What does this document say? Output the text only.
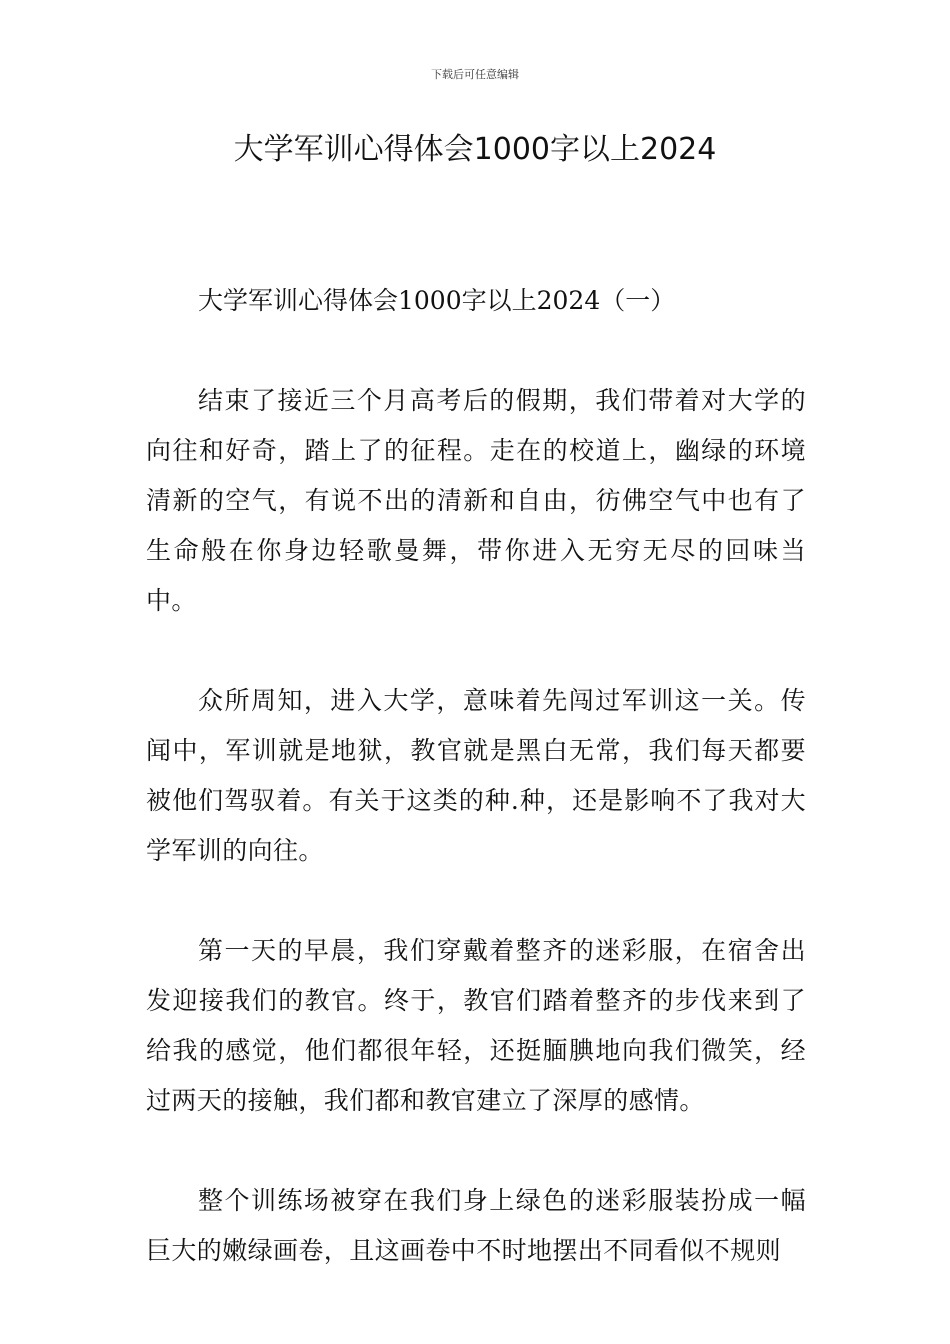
下载后可任意编辑
大学军训心得体会1000字以上2024

大学军训心得体会1000字以上2024（一）

结束了接近三个月高考后的假期，我们带着对大学的向往和好奇，踏上了的征程。走在的校道上，幽绿的环境清新的空气，有说不出的清新和自由，彷佛空气中也有了生命般在你身边轻歌曼舞，带你进入无穷无尽的回味当中。

众所周知，进入大学，意味着先闯过军训这一关。传闻中，军训就是地狱，教官就是黑白无常，我们每天都要被他们驾驭着。有关于这类的种.种，还是影响不了我对大学军训的向往。

第一天的早晨，我们穿戴着整齐的迷彩服，在宿舍出发迎接我们的教官。终于，教官们踏着整齐的步伐来到了给我的感觉，他们都很年轻，还挺腼腆地向我们微笑，经过两天的接触，我们都和教官建立了深厚的感情。

整个训练场被穿在我们身上绿色的迷彩服装扮成一幅巨大的嫩绿画卷，且这画卷中不时地摆出不同看似不规则
